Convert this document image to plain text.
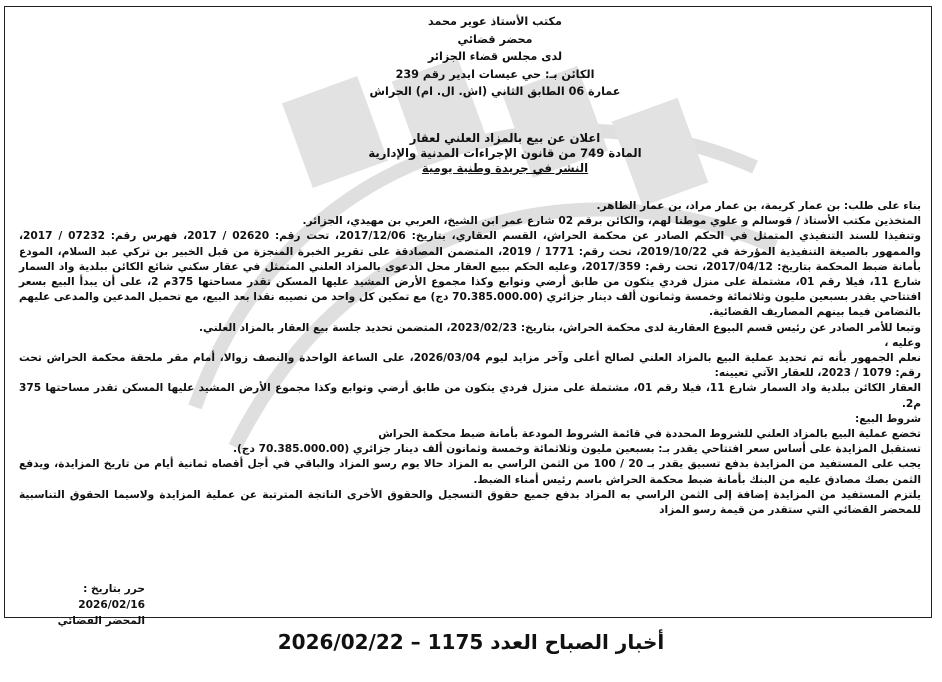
مكتب الأستاذ عوير محمد
محضر قضائي
لدى مجلس قضاء الجزائر
الكائن بـ: حي عيسات ايدير رقم 239
عمارة 06 الطابق الثاني (اش. ال. ام) الحراش
اعلان عن بيع بالمزاد العلني لعقار
المادة 749 من قانون الإجراءات المدنية والإدارية
النشر في جريدة وطنية يومية

بناء على طلب: بن عمار كريمة، بن عمار مراد، بن عمار الطاهر.

المتخذين مكتب الأستاذ / قوسالم و علوي موطنا لهم، والكائن برقم 02 شارع عمر ابن الشيخ، العربي بن مهيدي، الجزائر.

وتنفيذا للسند التنفيذي المتمثل في الحكم الصادر عن محكمة الحراش، القسم العقاري، بتاريخ: 2017/12/06، تحت رقم: 02620 / 2017، فهرس رقم: 07232 / 2017، والممهور بالصيغة التنفيذية المؤرخة في 2019/10/22، تحت رقم: 1771 / 2019، المتضمن المصادقة على تقرير الخبرة المنجزة من قبل الخبير بن تركي عبد السلام، المودع بأمانة ضبط المحكمة بتاريخ: 2017/04/12، تحت رقم: 2017/359، وعليه الحكم ببيع العقار محل الدعوى بالمزاد العلني المتمثل في عقار سكني شائع الكائن ببلدية واد السمار شارع 11، فيلا رقم 01، مشتملة على منزل فردي يتكون من طابق أرضي وتوابع وكذا مجموع الأرض المشيد عليها المسكن تقدر مساحتها 375م 2، على أن يبدأ البيع بسعر افتتاحي يقدر بسبعين مليون وثلاثمائة وخمسة وثمانون ألف دينار جزائري (70.385.000.00 دج) مع تمكين كل واحد من نصيبه نقدا بعد البيع، مع تحميل المدعين والمدعى عليهم بالتضامن فيما بينهم المصاريف القضائية.

وتبعا للأمر الصادر عن رئيس قسم البيوع العقارية لدى محكمة الحراش، بتاريخ: 2023/02/23، المتضمن تحديد جلسة بيع العقار بالمزاد العلني.

وعليه ،

نعلم الجمهور بأنه تم تحديد عملية البيع بالمزاد العلني لصالح أعلى وآخر مزايد ليوم 2026/03/04، على الساعة الواحدة والنصف زوالا، أمام مقر ملحقة محكمة الحراش تحت رقم: 1079 / 2023، للعقار الآتي تعيينه:

العقار الكائن ببلدية واد السمار شارع 11، فيلا رقم 01، مشتملة على منزل فردي يتكون من طابق أرضي وتوابع وكذا مجموع الأرض المشيد عليها المسكن تقدر مساحتها 375 م2.

شروط البيع:

تخضع عملية البيع بالمزاد العلني للشروط المحددة في قائمة الشروط المودعة بأمانة ضبط محكمة الحراش

تستقبل المزايدة على أساس سعر افتتاحي يقدر بـ: بسبعين مليون وثلاثمائة وخمسة وثمانون ألف دينار جزائري (70.385.000.00 دج).

يجب على المستفيد من المزايدة بدفع تسبيق يقدر بـ 20 / 100 من الثمن الراسي به المزاد حالا يوم رسو المزاد والباقي في أجل أقصاه ثمانية أيام من تاريخ المزايدة، ويدفع الثمن بصك مصادق عليه من البنك بأمانة ضبط محكمة الحراش باسم رئيس أمناء الضبط.

يلتزم المستفيد من المزايدة إضافة إلى الثمن الراسي به المزاد بدفع جميع حقوق التسجيل والحقوق الأخرى الناتجة المترتبة عن عملية المزايدة ولاسيما الحقوق التناسبية للمحضر القضائي التي ستقدر من قيمة رسو المزاد

حرر بتاريخ : 2026/02/16
المحضر القضائي
أخبار الصباح العدد 1175 – 2026/02/22
